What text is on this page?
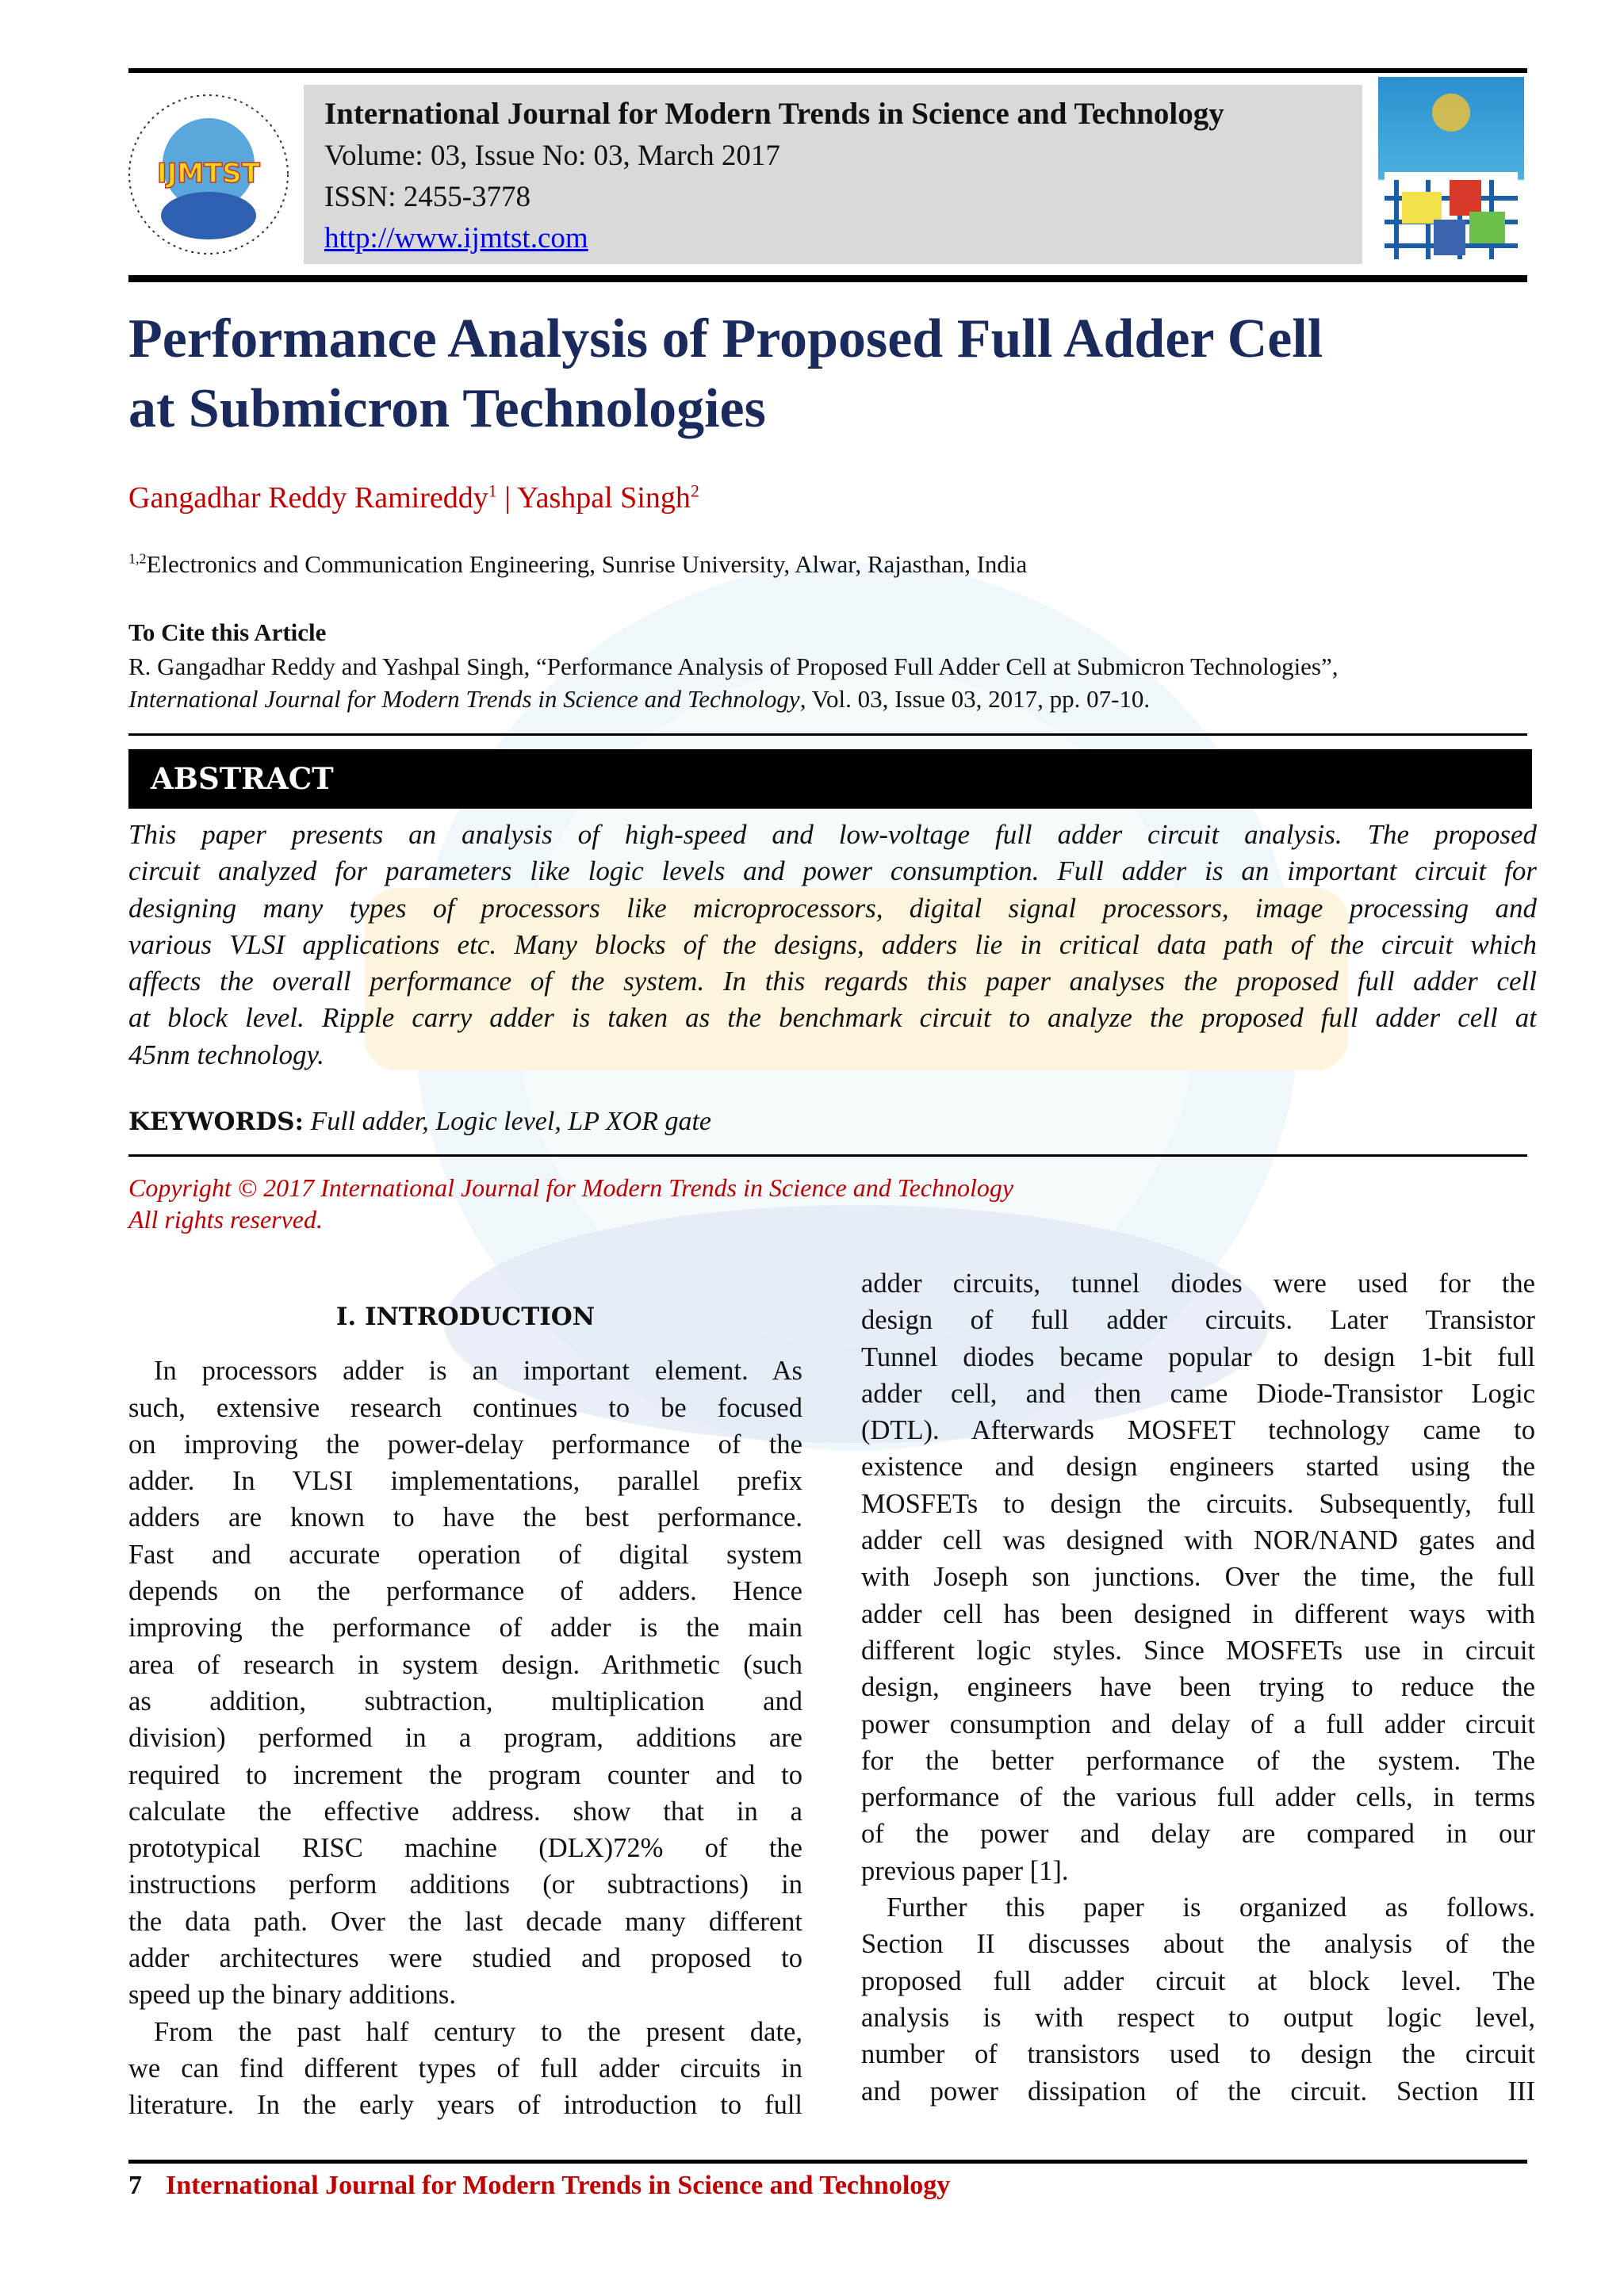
IJMTST
International Journal for Modern Trends in Science and Technology
Volume: 03, Issue No: 03, March 2017
ISSN: 2455-3778
http://www.ijmtst.com
Performance Analysis of Proposed Full Adder Cell
at Submicron Technologies
Gangadhar Reddy Ramireddy$^1$ | Yashpal Singh$^2$
$^{1,2}$Electronics and Communication Engineering, Sunrise University, Alwar, Rajasthan, India
To Cite this Article
R. Gangadhar Reddy and Yashpal Singh, “Performance Analysis of Proposed Full Adder Cell at Submicron Technologies”,
International Journal for Modern Trends in Science and Technology, Vol. 03, Issue 03, 2017, pp. 07-10.
ABSTRACT
This paper presents an analysis of high-speed and low-voltage full adder circuit analysis. The proposed
circuit analyzed for parameters like logic levels and power consumption. Full adder is an important circuit for
designing many types of processors like microprocessors, digital signal processors, image processing and
various VLSI applications etc. Many blocks of the designs, adders lie in critical data path of the circuit which
affects the overall performance of the system. In this regards this paper analyses the proposed full adder cell
at block level. Ripple carry adder is taken as the benchmark circuit to analyze the proposed full adder cell at
45nm technology.
KEYWORDS: Full adder, Logic level, LP XOR gate
Copyright © 2017 International Journal for Modern Trends in Science and Technology
All rights reserved.
I. INTRODUCTION
In processors adder is an important element. As
such, extensive research continues to be focused
on improving the power-delay performance of the
adder. In VLSI implementations, parallel prefix
adders are known to have the best performance.
Fast and accurate operation of digital system
depends on the performance of adders. Hence
improving the performance of adder is the main
area of research in system design. Arithmetic (such
as addition, subtraction, multiplication and
division) performed in a program, additions are
required to increment the program counter and to
calculate the effective address. show that in a
prototypical RISC machine (DLX)72% of the
instructions perform additions (or subtractions) in
the data path. Over the last decade many different
adder architectures were studied and proposed to
speed up the binary additions.
From the past half century to the present date,
we can find different types of full adder circuits in
literature. In the early years of introduction to full
adder circuits, tunnel diodes were used for the
design of full adder circuits. Later Transistor
Tunnel diodes became popular to design 1-bit full
adder cell, and then came Diode-Transistor Logic
(DTL). Afterwards MOSFET technology came to
existence and design engineers started using the
MOSFETs to design the circuits. Subsequently, full
adder cell was designed with NOR/NAND gates and
with Joseph son junctions. Over the time, the full
adder cell has been designed in different ways with
different logic styles. Since MOSFETs use in circuit
design, engineers have been trying to reduce the
power consumption and delay of a full adder circuit
for the better performance of the system. The
performance of the various full adder cells, in terms
of the power and delay are compared in our
previous paper [1].
Further this paper is organized as follows.
Section II discusses about the analysis of the
proposed full adder circuit at block level. The
analysis is with respect to output logic level,
number of transistors used to design the circuit
and power dissipation of the circuit. Section III
7 International Journal for Modern Trends in Science and Technology
